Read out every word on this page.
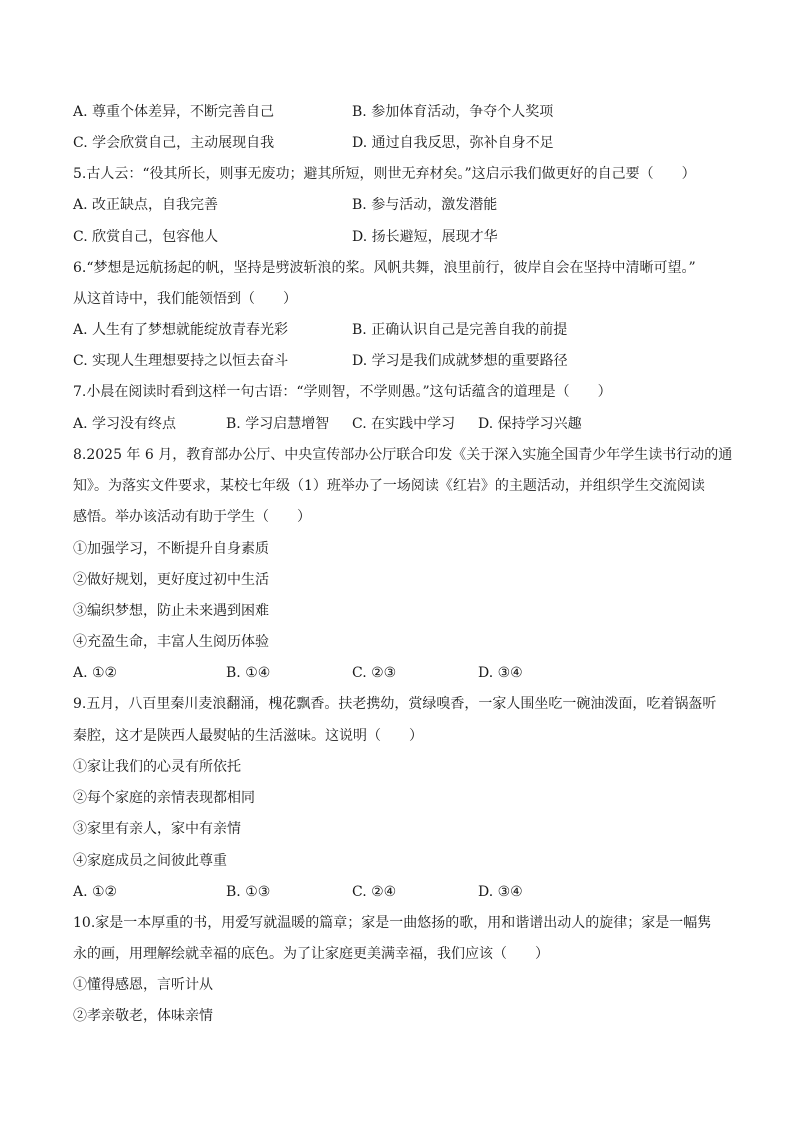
A. 尊重个体差异，不断完善自己	B. 参加体育活动，争夺个人奖项
C. 学会欣赏自己，主动展现自我	D. 通过自我反思，弥补自身不足
5.古人云：“役其所长，则事无废功；避其所短，则世无弃材矣。”这启示我们做更好的自己要（　　）
A. 改正缺点，自我完善	B. 参与活动，激发潜能
C. 欣赏自己，包容他人	D. 扬长避短，展现才华
6.“梦想是远航扬起的帆，坚持是劈波斩浪的桨。风帆共舞，浪里前行，彼岸自会在坚持中清晰可望。”
从这首诗中，我们能领悟到（　　）
A. 人生有了梦想就能绽放青春光彩	B. 正确认识自己是完善自我的前提
C. 实现人生理想要持之以恒去奋斗	D. 学习是我们成就梦想的重要路径
7.小晨在阅读时看到这样一句古语：“学则智，不学则愚。”这句话蕴含的道理是（　　）
A. 学习没有终点	B. 学习启慧增智 C. 在实践中学习 D. 保持学习兴趣
8.2025 年 6 月，教育部办公厅、中央宣传部办公厅联合印发《关于深入实施全国青少年学生读书行动的通
知》。为落实文件要求，某校七年级（1）班举办了一场阅读《红岩》的主题活动，并组织学生交流阅读
感悟。举办该活动有助于学生（　　）
①加强学习，不断提升自身素质
②做好规划，更好度过初中生活
③编织梦想，防止未来遇到困难
④充盈生命，丰富人生阅历体验
A. ①②	B. ①④	C. ②③	D. ③④
9.五月，八百里秦川麦浪翻涌，槐花飘香。扶老携幼，赏绿嗅香，一家人围坐吃一碗油泼面，吃着锅盔听
秦腔，这才是陕西人最熨帖的生活滋味。这说明（　　）
①家让我们的心灵有所依托
②每个家庭的亲情表现都相同
③家里有亲人，家中有亲情
④家庭成员之间彼此尊重
A. ①②	B. ①③	C. ②④	D. ③④
10.家是一本厚重的书，用爱写就温暖的篇章；家是一曲悠扬的歌，用和谐谱出动人的旋律；家是一幅隽
永的画，用理解绘就幸福的底色。为了让家庭更美满幸福，我们应该（　　）
①懂得感恩，言听计从
②孝亲敬老，体味亲情
